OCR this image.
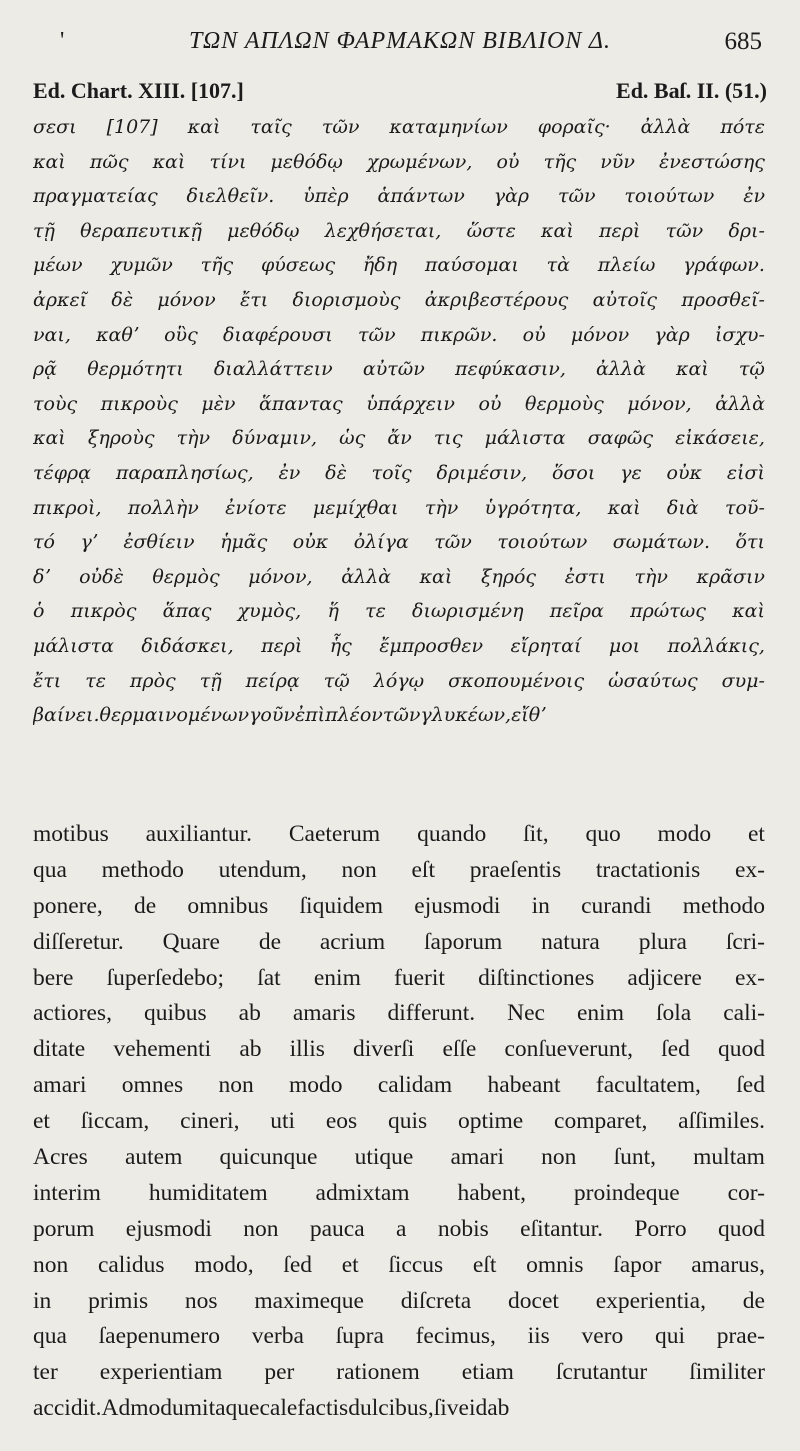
'	ΤΩΝ ΑΠΛΩΝ ΦΑΡΜΑΚΩΝ ΒΙΒΛΙΟΝ Δ.	685
Ed. Chart. XIII. [107.]	Ed. Baſ. II. (51.)
σεσι [107] καὶ ταῖς τῶν καταμηνίων φοραῖς· ἀλλὰ πότε
καὶ πῶς καὶ τίνι μεθόδῳ χρωμένων, οὐ τῆς νῦν ἐνεστώσης
πραγματείας διελθεῖν. ὑπὲρ ἁπάντων γὰρ τῶν τοιούτων ἐν
τῇ θεραπευτικῇ μεθόδῳ λεχθήσεται, ὥστε καὶ περὶ τῶν δρι-
μέων χυμῶν τῆς φύσεως ἤδη παύσομαι τὰ πλείω γράφων.
ἀρκεῖ δὲ μόνον ἔτι διορισμοὺς ἀκριβεστέρους αὐτοῖς προσθεῖ-
ναι, καθʼ οὓς διαφέρουσι τῶν πικρῶν. οὐ μόνον γὰρ ἰσχυ-
ρᾷ θερμότητι διαλλάττειν αὐτῶν πεφύκασιν, ἀλλὰ καὶ τῷ
τοὺς πικροὺς μὲν ἅπαντας ὑπάρχειν οὐ θερμοὺς μόνον, ἀλλὰ
καὶ ξηροὺς τὴν δύναμιν, ὡς ἄν τις μάλιστα σαφῶς εἰκάσειε,
τέφρᾳ παραπλησίως, ἐν δὲ τοῖς δριμέσιν, ὅσοι γε οὐκ εἰσὶ
πικροὶ, πολλὴν ἐνίοτε μεμίχθαι τὴν ὑγρότητα, καὶ διὰ τοῦ-
τό γʼ ἐσθίειν ἡμᾶς οὐκ ὀλίγα τῶν τοιούτων σωμάτων. ὅτι
δʼ οὐδὲ θερμὸς μόνον, ἀλλὰ καὶ ξηρός ἐστι τὴν κρᾶσιν
ὁ πικρὸς ἅπας χυμὸς, ἥ τε διωρισμένη πεῖρα πρώτως καὶ
μάλιστα διδάσκει, περὶ ἧς ἔμπροσθεν εἴρηταί μοι πολλάκις,
ἔτι τε πρὸς τῇ πείρᾳ τῷ λόγῳ σκοπουμένοις ὡσαύτως συμ-
βαίνει. θερμαινομένων γοῦν ἐπὶ πλέον τῶν γλυκέων, εἴθʼ
motibus auxiliantur. Caeterum quando ſit, quo modo et
qua methodo utendum, non eſt praeſentis tractationis ex-
ponere, de omnibus ſiquidem ejusmodi in curandi methodo
diſſeretur. Quare de acrium ſaporum natura plura ſcri-
bere ſuperſedebo; ſat enim fuerit diſtinctiones adjicere ex-
actiores, quibus ab amaris differunt. Nec enim ſola cali-
ditate vehementi ab illis diverſi eſſe conſueverunt, ſed quod
amari omnes non modo calidam habeant facultatem, ſed
et ſiccam, cineri, uti eos quis optime comparet, aſſimiles.
Acres autem quicunque utique amari non ſunt, multam
interim humiditatem admixtam habent, proindeque cor-
porum ejusmodi non pauca a nobis eſitantur. Porro quod
non calidus modo, ſed et ſiccus eſt omnis ſapor amarus,
in primis nos maximeque diſcreta docet experientia, de
qua ſaepenumero verba ſupra fecimus, iis vero qui prae-
ter experientiam per rationem etiam ſcrutantur ſimiliter
accidit. Admodum itaque calefactis dulcibus, ſive id ab
